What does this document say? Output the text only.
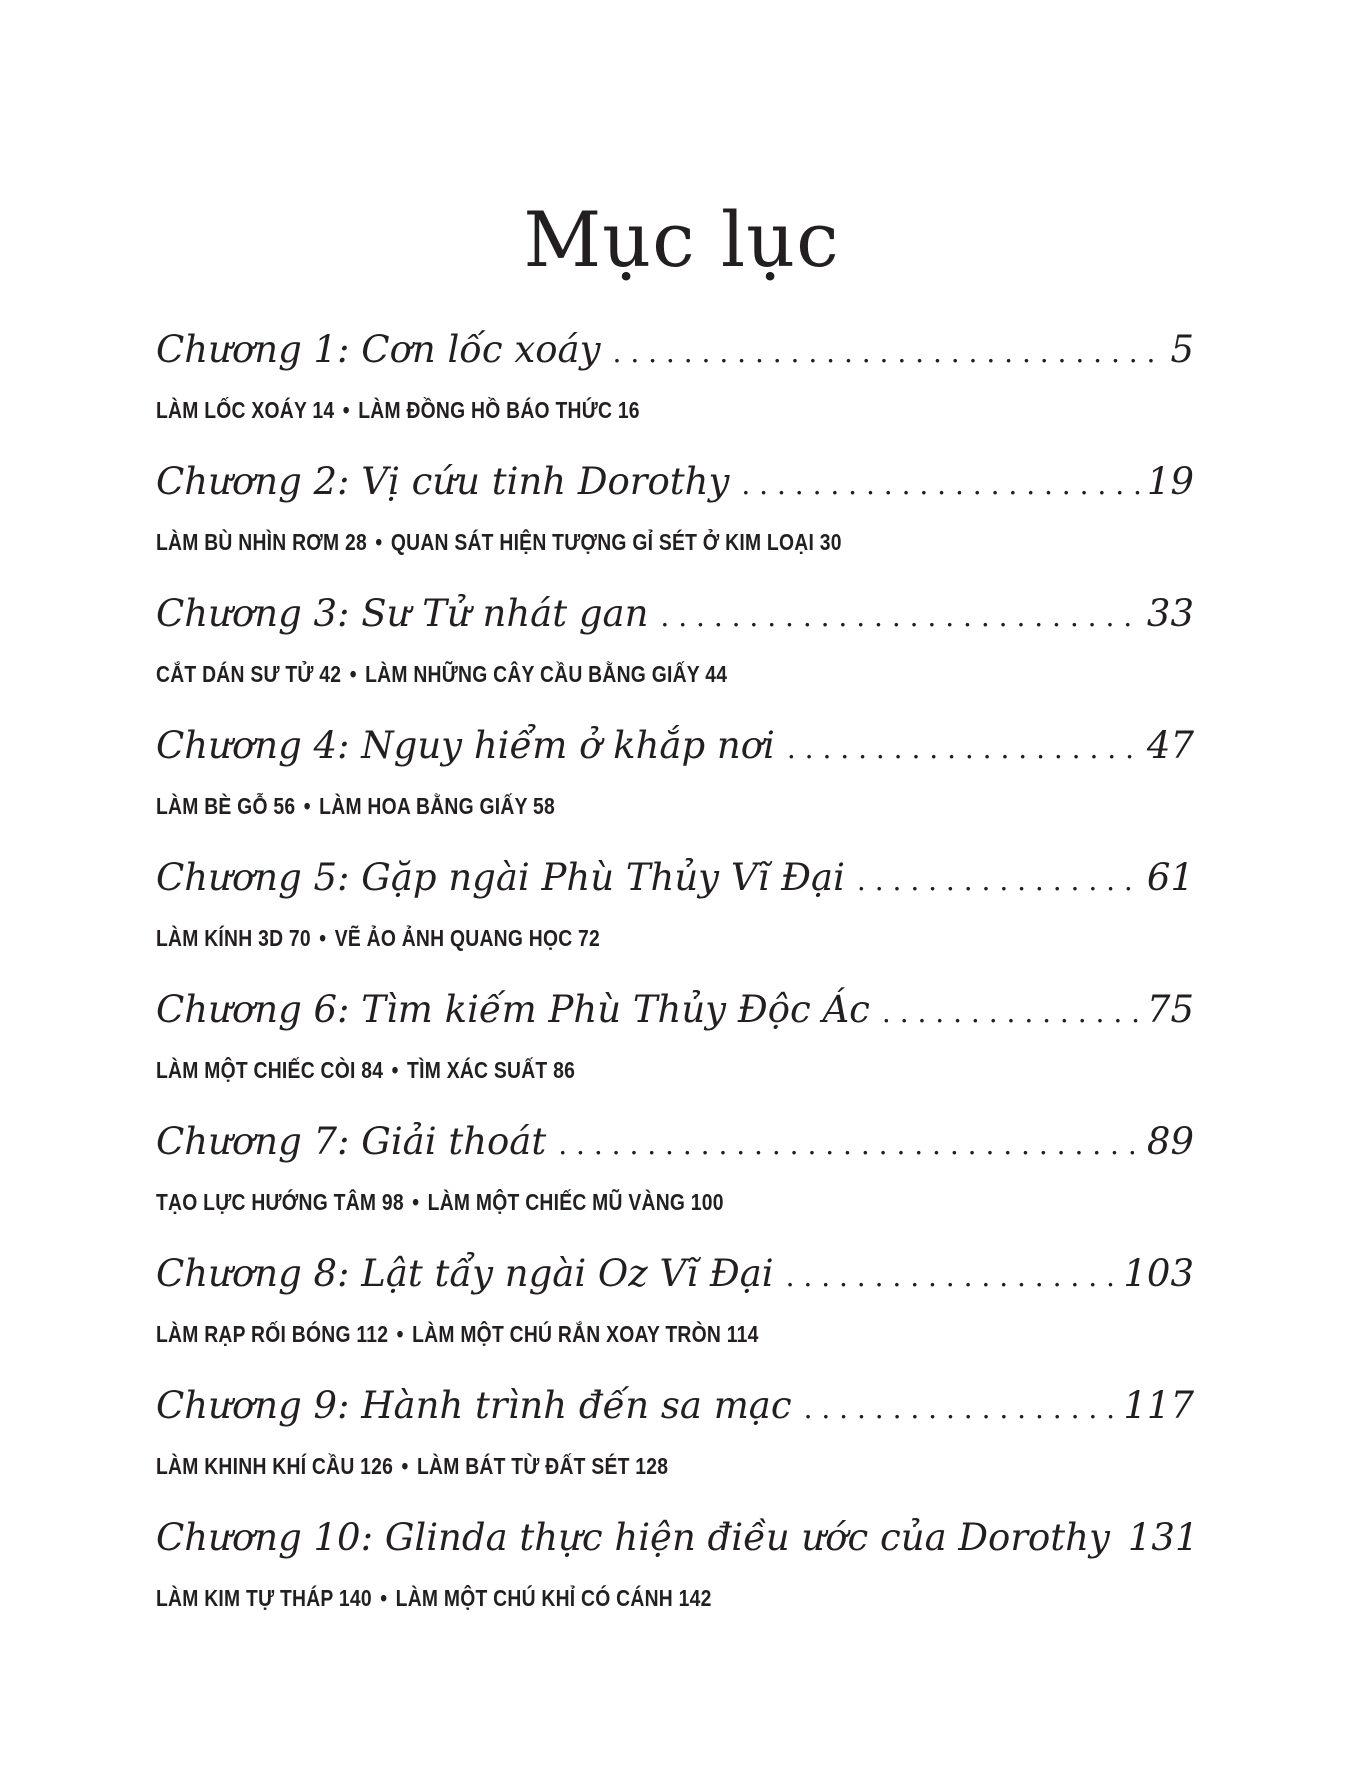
Mục lục
Chương 1: Cơn lốc xoáy . . .	5
LÀM LỐC XOÁY 14 • LÀM ĐỒNG HỒ BÁO THỨC 16
Chương 2: Vị cứu tinh Dorothy . . .	19
LÀM BÙ NHÌN RƠM 28 • QUAN SÁT HIỆN TƯỢNG GỈ SÉT Ở KIM LOẠI 30
Chương 3: Sư Tử nhát gan . . .	33
CẮT DÁN SƯ TỬ 42 • LÀM NHỮNG CÂY CẦU BẰNG GIẤY 44
Chương 4: Nguy hiểm ở khắp nơi . . .	47
LÀM BÈ GỖ 56 • LÀM HOA BẰNG GIẤY 58
Chương 5: Gặp ngài Phù Thủy Vĩ Đại . . .	61
LÀM KÍNH 3D 70 • VẼ ẢO ẢNH QUANG HỌC 72
Chương 6: Tìm kiếm Phù Thủy Độc Ác . . .	75
LÀM MỘT CHIẾC CÒI 84 • TÌM XÁC SUẤT 86
Chương 7: Giải thoát . . .	89
TẠO LỰC HƯỚNG TÂM 98 • LÀM MỘT CHIẾC MŨ VÀNG 100
Chương 8: Lật tẩy ngài Oz Vĩ Đại . . .	103
LÀM RẠP RỐI BÓNG 112 • LÀM MỘT CHÚ RẮN XOAY TRÒN 114
Chương 9: Hành trình đến sa mạc . . .	117
LÀM KHINH KHÍ CẦU 126 • LÀM BÁT TỪ ĐẤT SÉT 128
Chương 10: Glinda thực hiện điều ước của Dorothy 131
LÀM KIM TỰ THÁP 140 • LÀM MỘT CHÚ KHỈ CÓ CÁNH 142
